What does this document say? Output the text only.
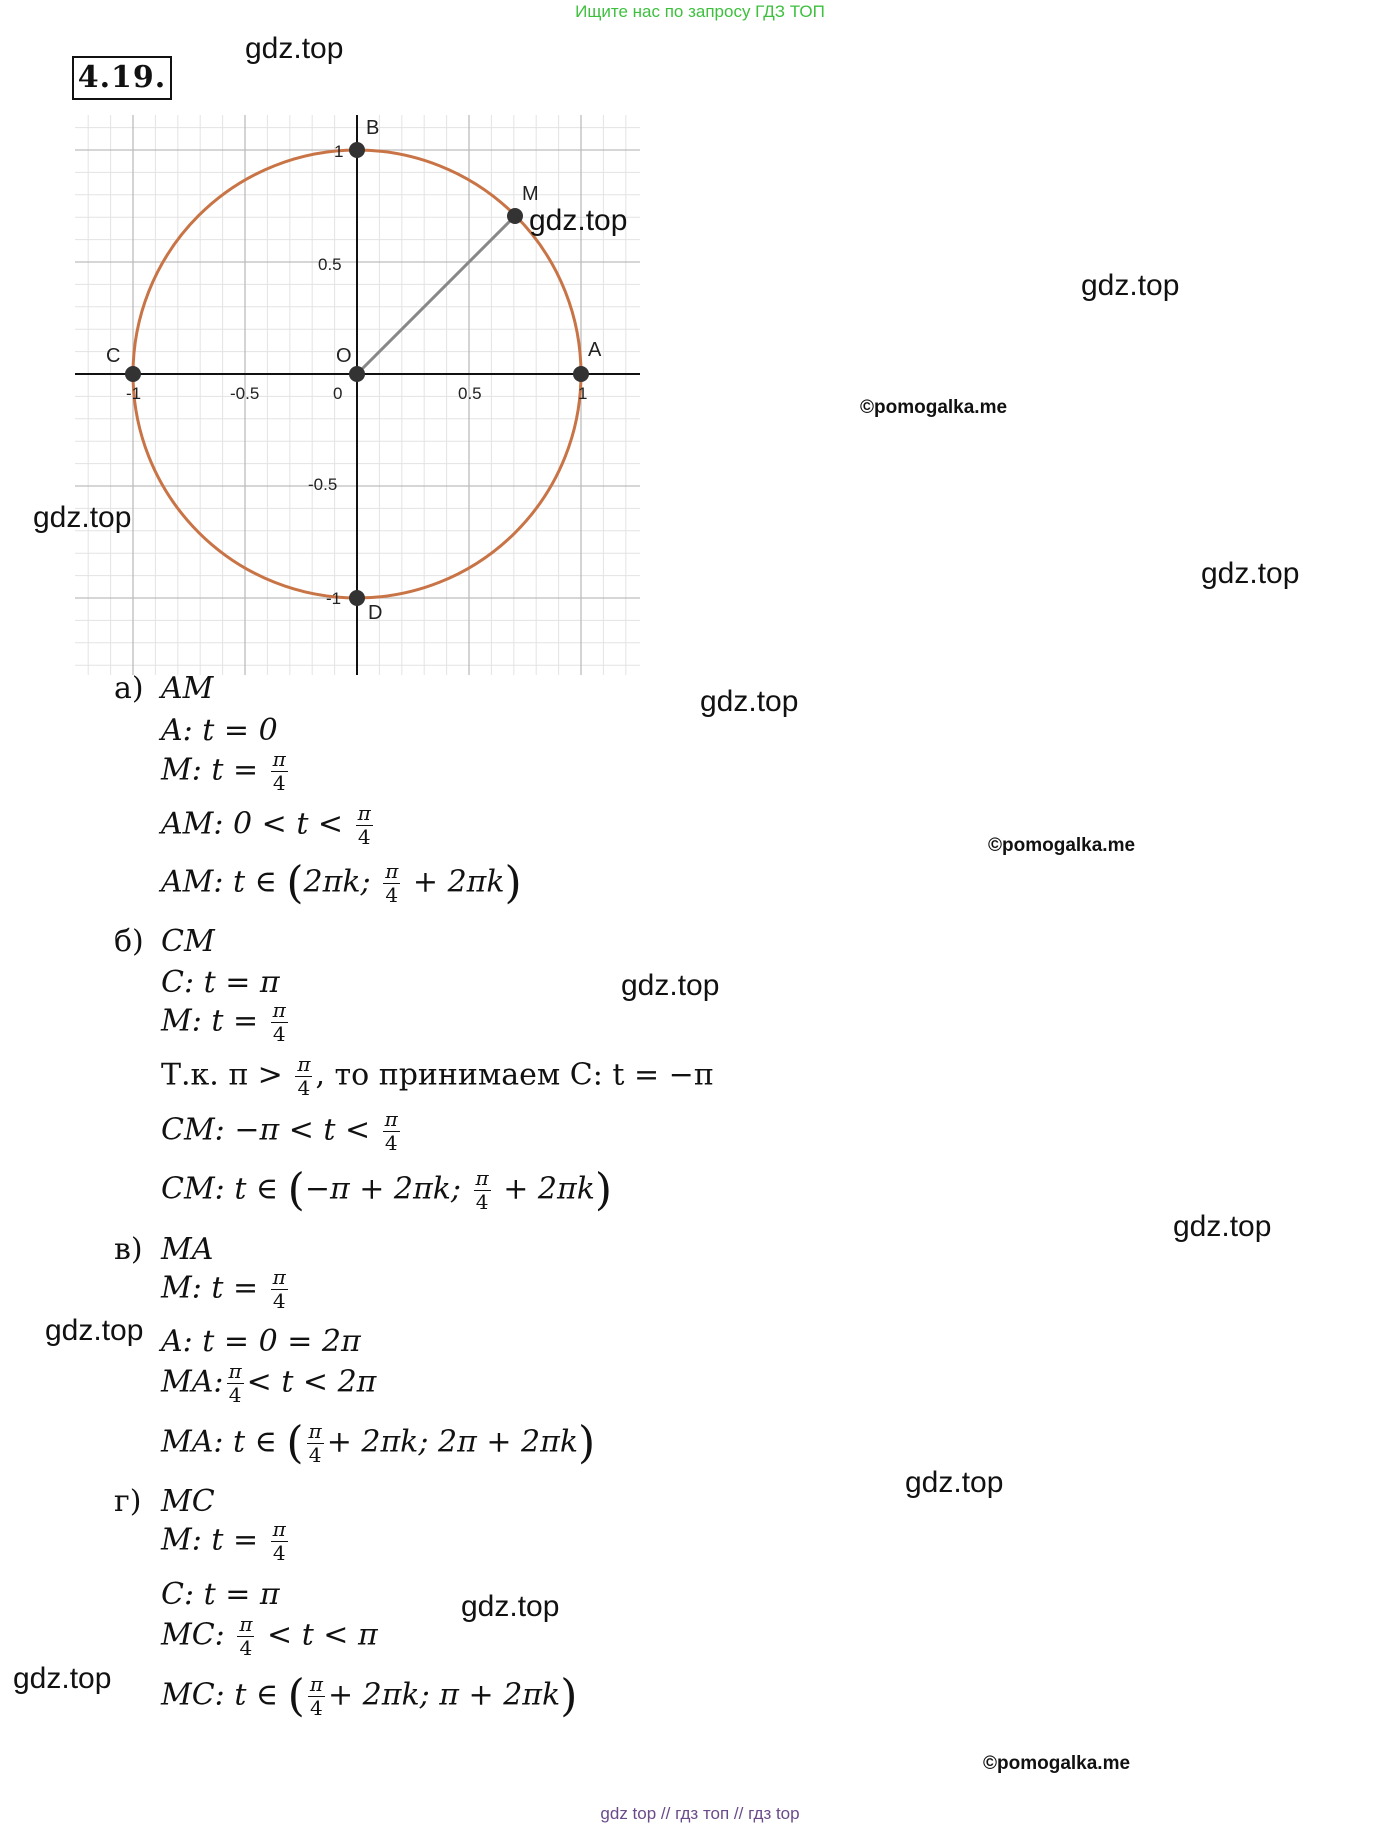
Ищите нас по запросу ГДЗ ТОП
4.19.
-1	-0.5	0	0.5	1
1
0.5
-0.5
-1
B
M
C	O	A
D
а) AM
A: t = 0
M: $t = \frac{\pi}{4}$
AM: $0 < t < \frac{\pi}{4}$
AM: t ∈ (2πk; $\frac{\pi}{4} + 2\pi k$)
б) CM
C: t = π
M: $t = \frac{\pi}{4}$
Т.к. $\pi > \frac{\pi}{4}$ , то принимаем C: t = −π
CM: $-\pi < t < \frac{\pi}{4}$
CM: t ∈ (−π + 2πk; $\frac{\pi}{4} + 2\pi k$)
в) MA
M: $t = \frac{\pi}{4}$
A: t = 0 = 2π
MA: $\frac{\pi}{4} < t < 2\pi$
MA: t ∈ ( $\frac{\pi}{4} + 2\pi k$; 2π + 2πk)
г) MC
M: $t = \frac{\pi}{4}$
C: t = π
MC: $\frac{\pi}{4} < t < \pi$
MC: t ∈ ( $\frac{\pi}{4} + 2\pi k$; π + 2πk)
gdz.top
gdz.top
gdz.top
gdz.top
gdz.top
gdz.top
gdz.top
gdz.top
gdz.top
gdz.top
gdz.top
gdz.top
©pomogalka.me
©pomogalka.me
©pomogalka.me
gdz top // гдз топ // гдз top
